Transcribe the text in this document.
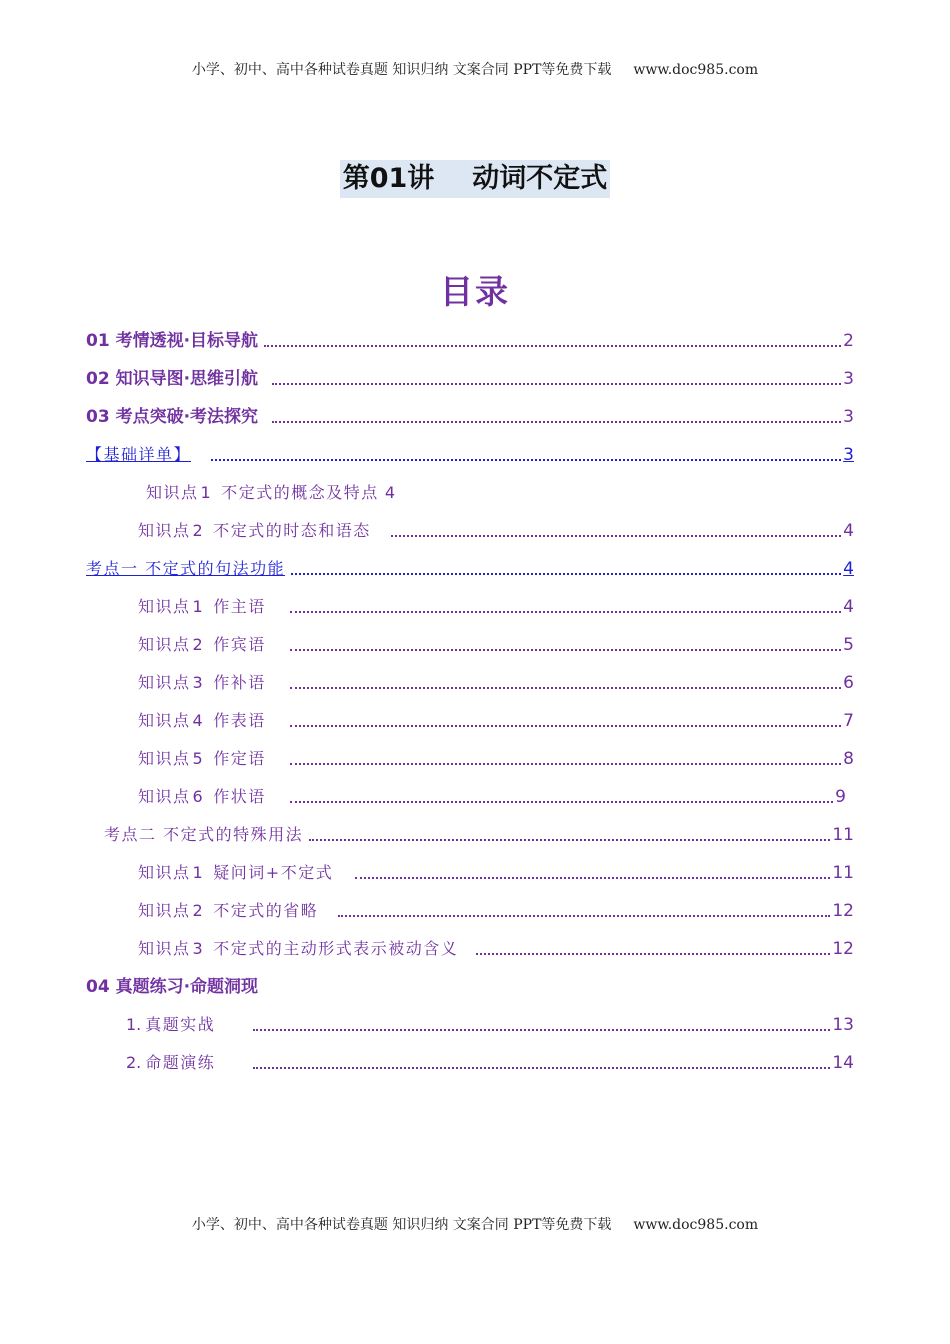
小学、初中、高中各种试卷真题 知识归纳 文案合同 PPT等免费下载 www.doc985.com
第01讲 动词不定式
目录
01 考情透视·目标导航	2
02 知识导图·思维引航	3
03 考点突破·考法探究	3
【基础详单】	3
知识点 1 不定式的概念及特点 4
知识点 2 不定式的时态和语态	4
考点一 不定式的句法功能	4
知识点 1 作主语	4
知识点 2 作宾语	5
知识点 3 作补语	6
知识点 4 作表语	7
知识点 5 作定语	8
知识点 6 作状语	9
考点二 不定式的特殊用法	11
知识点 1 疑问词+不定式	11
知识点 2 不定式的省略	12
知识点 3 不定式的主动形式表示被动含义	12
04 真题练习·命题洞现
1. 真题实战	13
2. 命题演练	14
小学、初中、高中各种试卷真题 知识归纳 文案合同 PPT等免费下载 www.doc985.com
